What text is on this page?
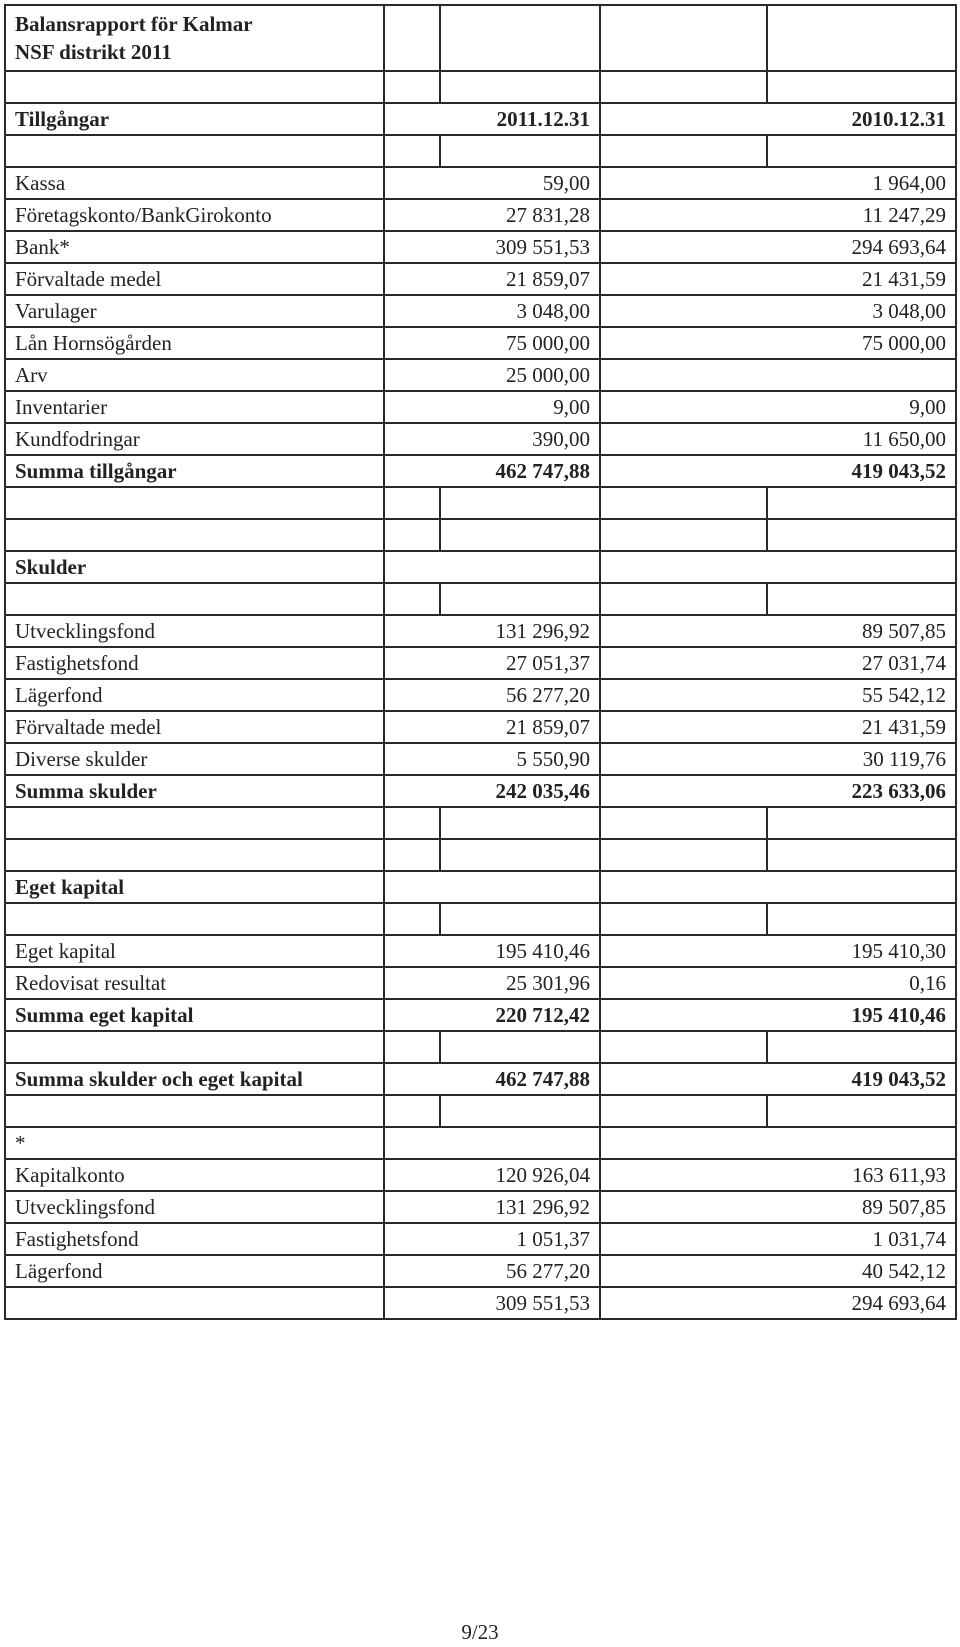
Balansrapport för Kalmar
NSF distrikt 2011				

Tillgångar	2011.12.31		2010.12.31	

Kassa	59,00		1 964,00	
Företagskonto/BankGirokonto	27 831,28		11 247,29	
Bank*	309 551,53		294 693,64	
Förvaltade medel	21 859,07		21 431,59	
Varulager	3 048,00		3 048,00	
Lån Hornsögården	75 000,00		75 000,00	
Arv	25 000,00			
Inventarier	9,00		9,00	
Kundfodringar	390,00		11 650,00	
Summa tillgångar	462 747,88		419 043,52	

Skulder				

Utvecklingsfond	131 296,92		89 507,85	
Fastighetsfond	27 051,37		27 031,74	
Lägerfond	56 277,20		55 542,12	
Förvaltade medel	21 859,07		21 431,59	
Diverse skulder	5 550,90		30 119,76	
Summa skulder	242 035,46		223 633,06	

Eget kapital				

Eget kapital	195 410,46		195 410,30	
Redovisat resultat	25 301,96		0,16	
Summa eget kapital	220 712,42		195 410,46	

Summa skulder och eget kapital	462 747,88		419 043,52	

*				
Kapitalkonto	120 926,04		163 611,93	
Utvecklingsfond	131 296,92		89 507,85	
Fastighetsfond	1 051,37		1 031,74	
Lägerfond	56 277,20		40 542,12	
	309 551,53		294 693,64	
9/23
